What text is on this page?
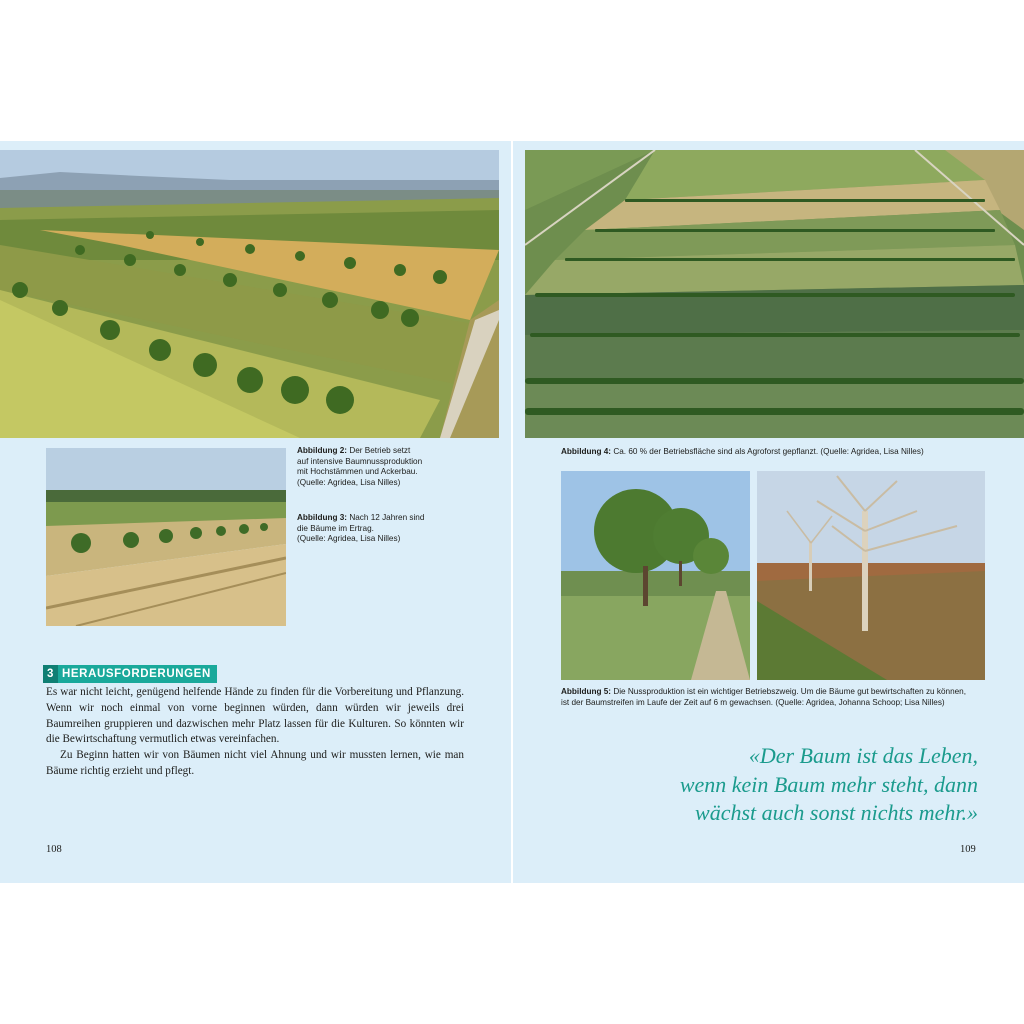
Abbildung 2: Der Betrieb setzt
auf intensive Baumnussproduktion
mit Hochstämmen und Ackerbau.
(Quelle: Agridea, Lisa Nilles)
Abbildung 3: Nach 12 Jahren sind
die Bäume im Ertrag.
(Quelle: Agridea, Lisa Nilles)
3 HERAUSFORDERUNGEN

Es war nicht leicht, genügend helfende Hände zu finden für die Vorbereitung und Pflanzung. Wenn wir noch einmal von vorne beginnen würden, dann würden wir jeweils drei Baumreihen gruppieren und dazwischen mehr Platz lassen für die Kulturen. So könnten wir die Bewirtschaftung vermutlich etwas vereinfachen.

Zu Beginn hatten wir von Bäumen nicht viel Ahnung und wir mussten lernen, wie man Bäume richtig erzieht und pflegt.

108
Abbildung 4: Ca. 60 % der Betriebsfläche sind als Agroforst gepflanzt. (Quelle: Agridea, Lisa Nilles)
Abbildung 5: Die Nussproduktion ist ein wichtiger Betriebszweig. Um die Bäume gut bewirtschaften zu können,
ist der Baumstreifen im Laufe der Zeit auf 6 m gewachsen. (Quelle: Agridea, Johanna Schoop; Lisa Nilles)
«Der Baum ist das Leben,
wenn kein Baum mehr steht, dann
wächst auch sonst nichts mehr.»
109
